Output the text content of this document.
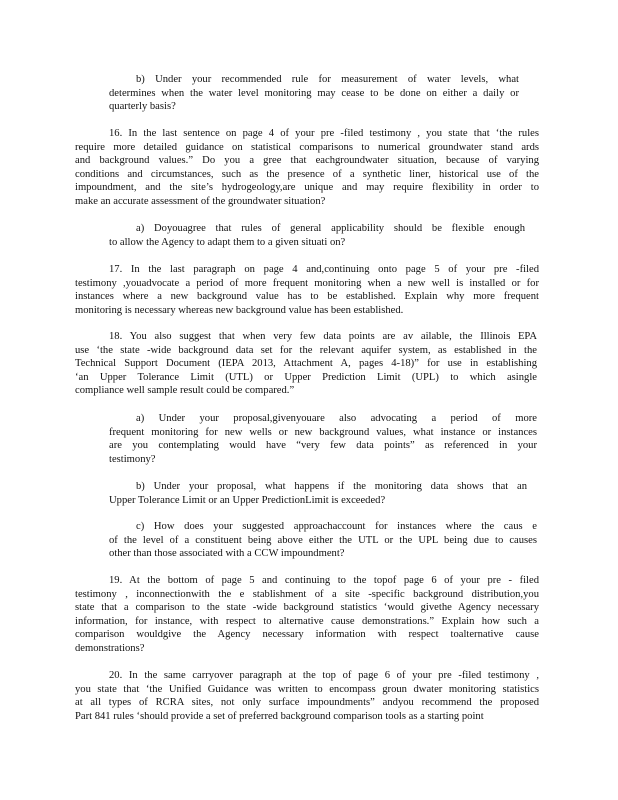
b) Under your recommended rule for measurement of water levels, what
determines when the water level monitoring may cease to be done on either a daily or
quarterly basis?
16. In the last sentence on page 4 of your pre -filed testimony , you state that ‘the rules
require more detailed guidance on statistical comparisons to numerical groundwater stand ards
and background values.” Do you a gree that eachgroundwater situation, because of varying
conditions and circumstances, such as the presence of a synthetic liner, historical use of the
impoundment, and the site’s hydrogeology,are unique and may require flexibility in order to
make an accurate assessment of the groundwater situation?
a) Doyouagree that rules of general applicability should be flexible enough
to allow the Agency to adapt them to a given situati on?
17. In the last paragraph on page 4 and,continuing onto page 5 of your pre -filed
testimony ,youadvocate a period of more frequent monitoring when a new well is installed or for
instances where a new background value has to be established. Explain why more frequent
monitoring is necessary whereas new background value has been established.
18. You also suggest that when very few data points are av ailable, the Illinois EPA
use ‘the state -wide background data set for the relevant aquifer system, as established in the
Technical Support Document (IEPA 2013, Attachment A, pages 4-18)” for use in establishing
‘an Upper Tolerance Limit (UTL) or Upper Prediction Limit (UPL) to which asingle
compliance well sample result could be compared.”
a) Under your proposal,givenyouare also advocating a period of more
frequent monitoring for new wells or new background values, what instance or instances
are you contemplating would have “very few data points” as referenced in your
testimony?
b) Under your proposal, what happens if the monitoring data shows that an
Upper Tolerance Limit or an Upper PredictionLimit is exceeded?
c) How does your suggested approachaccount for instances where the caus e
of the level of a constituent being above either the UTL or the UPL being due to causes
other than those associated with a CCW impoundment?
19. At the bottom of page 5 and continuing to the topof page 6 of your pre - filed
testimony , inconnectionwith the e stablishment of a site -specific background distribution,you
state that a comparison to the state -wide background statistics ‘would givethe Agency necessary
information, for instance, with respect to alternative cause demonstrations.” Explain how such a
comparison wouldgive the Agency necessary information with respect toalternative cause
demonstrations?
20. In the same carryover paragraph at the top of page 6 of your pre -filed testimony ,
you state that ‘the Unified Guidance was written to encompass groun dwater monitoring statistics
at all types of RCRA sites, not only surface impoundments” andyou recommend the proposed
Part 841 rules ‘should provide a set of preferred background comparison tools as a starting point
